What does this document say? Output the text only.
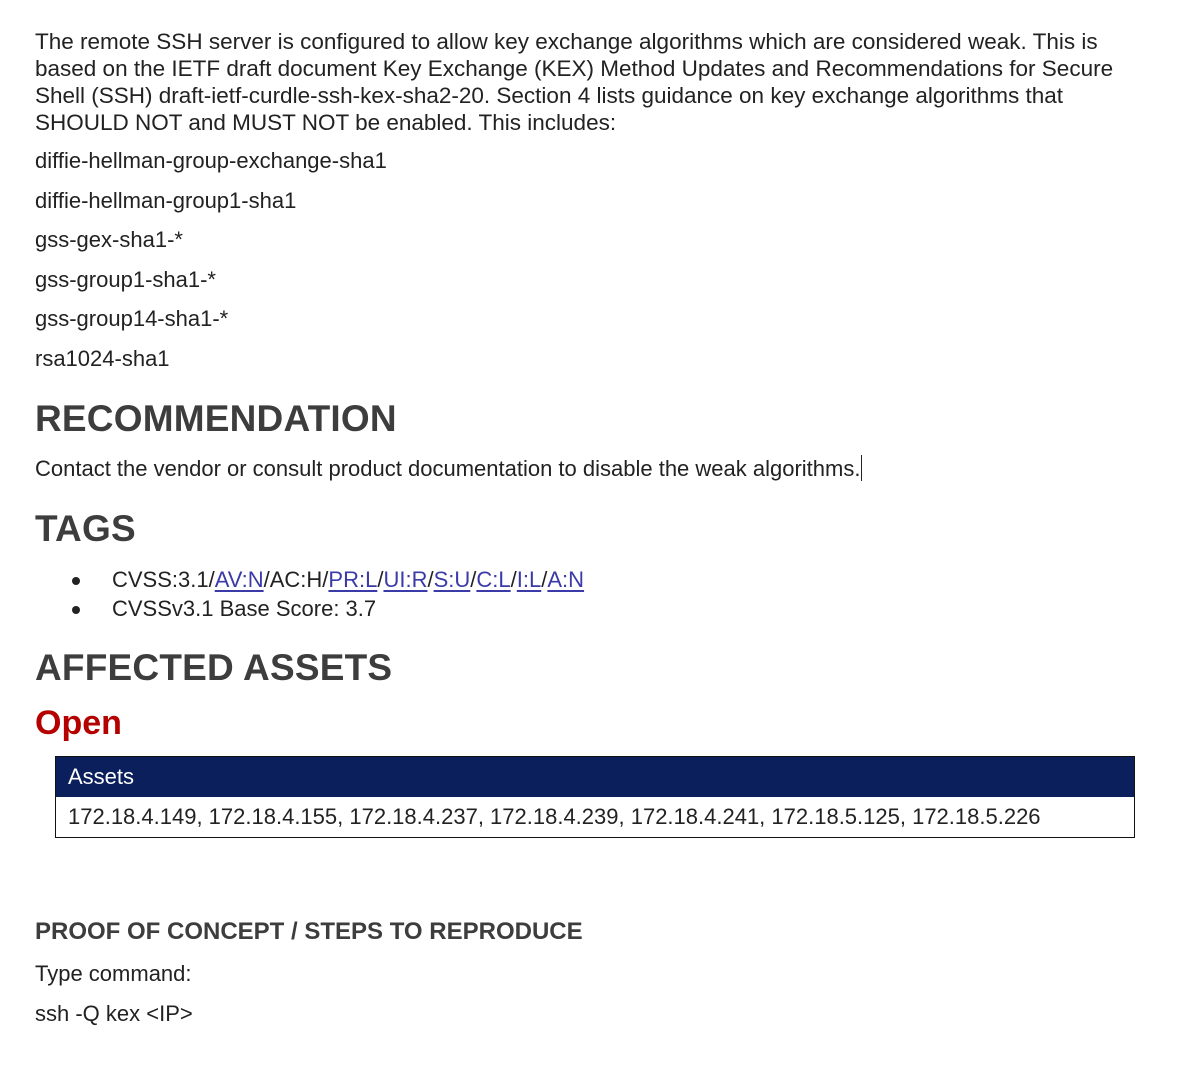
The remote SSH server is configured to allow key exchange algorithms which are considered weak. This is based on the IETF draft document Key Exchange (KEX) Method Updates and Recommendations for Secure Shell (SSH) draft-ietf-curdle-ssh-kex-sha2-20. Section 4 lists guidance on key exchange algorithms that SHOULD NOT and MUST NOT be enabled. This includes:

diffie-hellman-group-exchange-sha1
diffie-hellman-group1-sha1
gss-gex-sha1-*
gss-group1-sha1-*
gss-group14-sha1-*
rsa1024-sha1
RECOMMENDATION

Contact the vendor or consult product documentation to disable the weak algorithms.

TAGS
CVSS:3.1/AV:N/AC:H/PR:L/UI:R/S:U/C:L/I:L/A:N
CVSSv3.1 Base Score: 3.7
AFFECTED ASSETS
Open
Assets
172.18.4.149, 172.18.4.155, 172.18.4.237, 172.18.4.239, 172.18.4.241, 172.18.5.125, 172.18.5.226
PROOF OF CONCEPT / STEPS TO REPRODUCE

Type command:

ssh -Q kex <IP>
